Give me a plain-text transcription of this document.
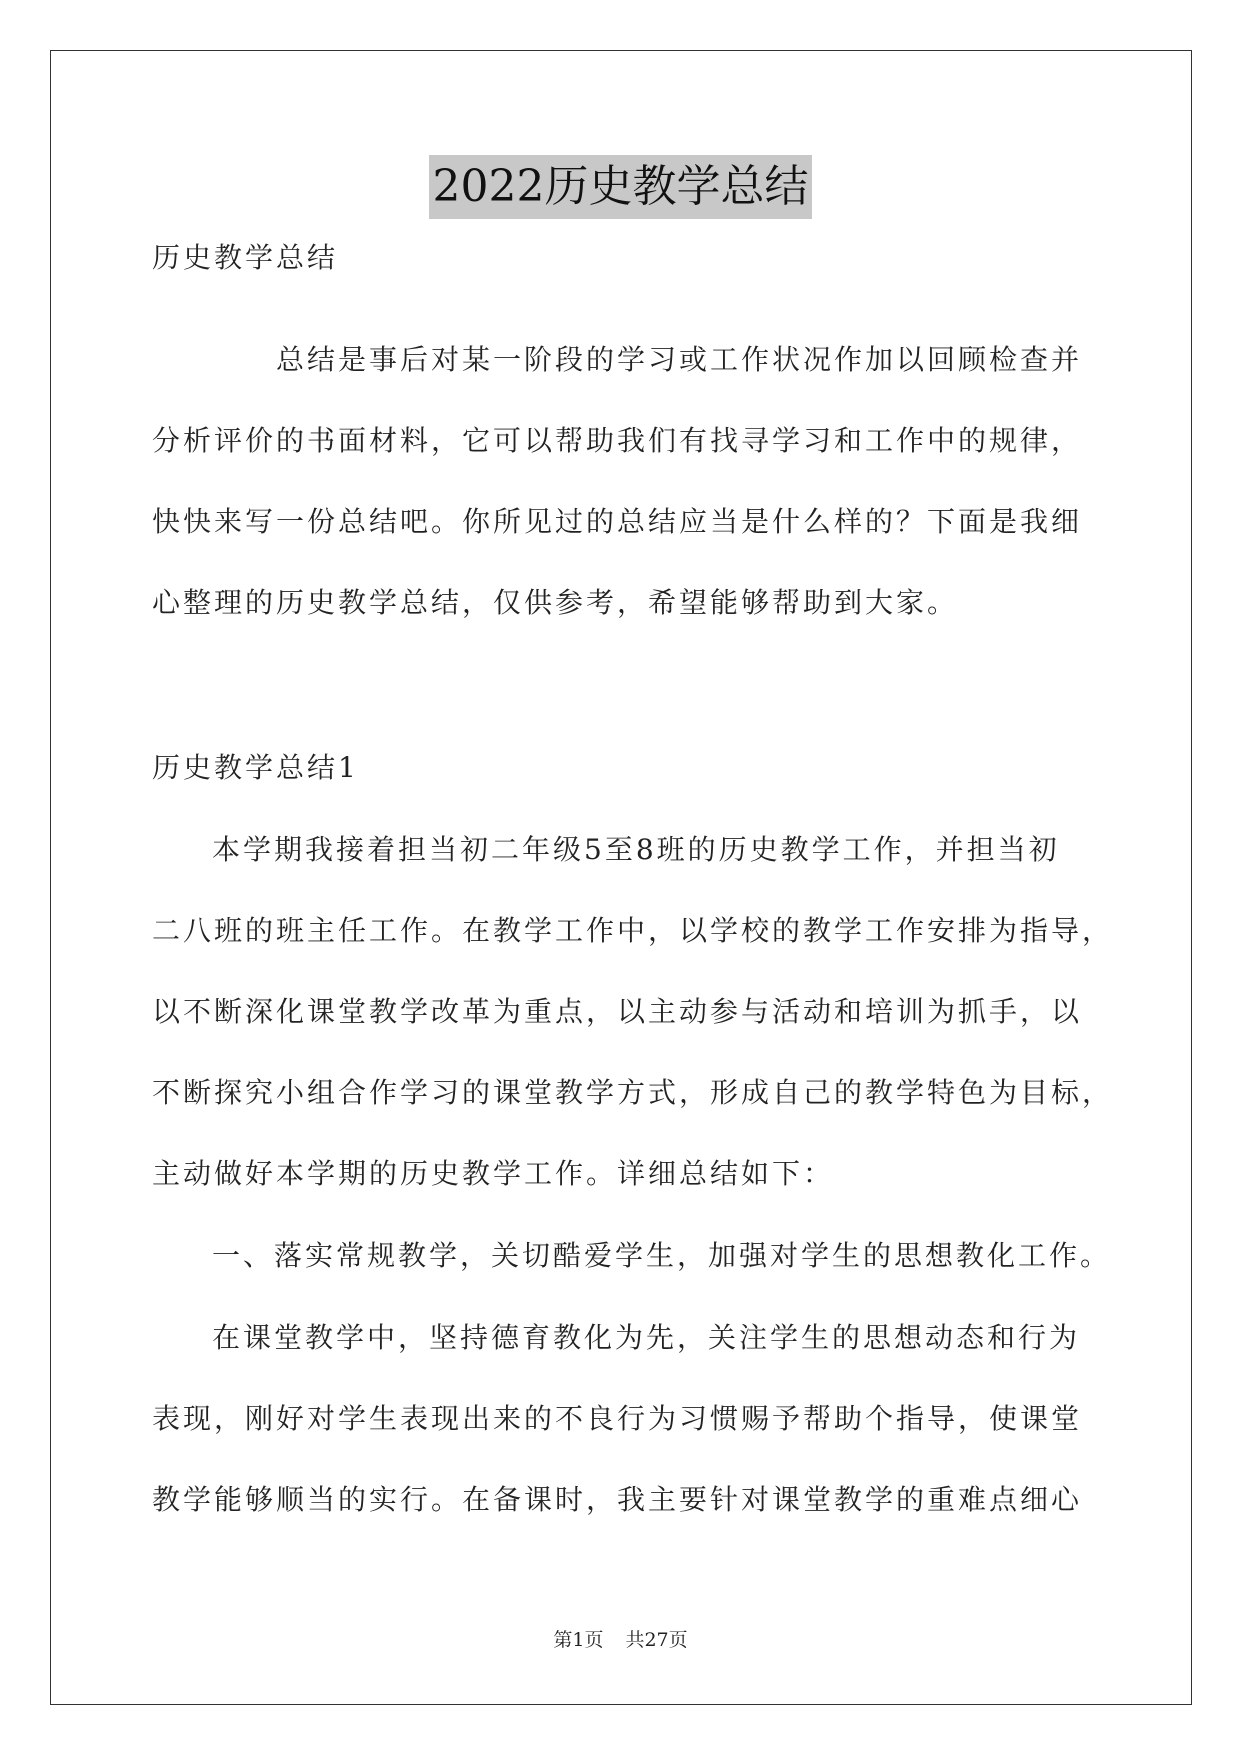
2022历史教学总结
历史教学总结
总结是事后对某一阶段的学习或工作状况作加以回顾检查并
分析评价的书面材料，它可以帮助我们有找寻学习和工作中的规律，
快快来写一份总结吧。你所见过的总结应当是什么样的？下面是我细
心整理的历史教学总结，仅供参考，希望能够帮助到大家。
历史教学总结1
本学期我接着担当初二年级5至8班的历史教学工作，并担当初
二八班的班主任工作。在教学工作中，以学校的教学工作安排为指导，
以不断深化课堂教学改革为重点，以主动参与活动和培训为抓手，以
不断探究小组合作学习的课堂教学方式，形成自己的教学特色为目标，
主动做好本学期的历史教学工作。详细总结如下：
一、落实常规教学，关切酷爱学生，加强对学生的思想教化工作。
在课堂教学中，坚持德育教化为先，关注学生的思想动态和行为
表现，刚好对学生表现出来的不良行为习惯赐予帮助个指导，使课堂
教学能够顺当的实行。在备课时，我主要针对课堂教学的重难点细心
第1页 共27页
